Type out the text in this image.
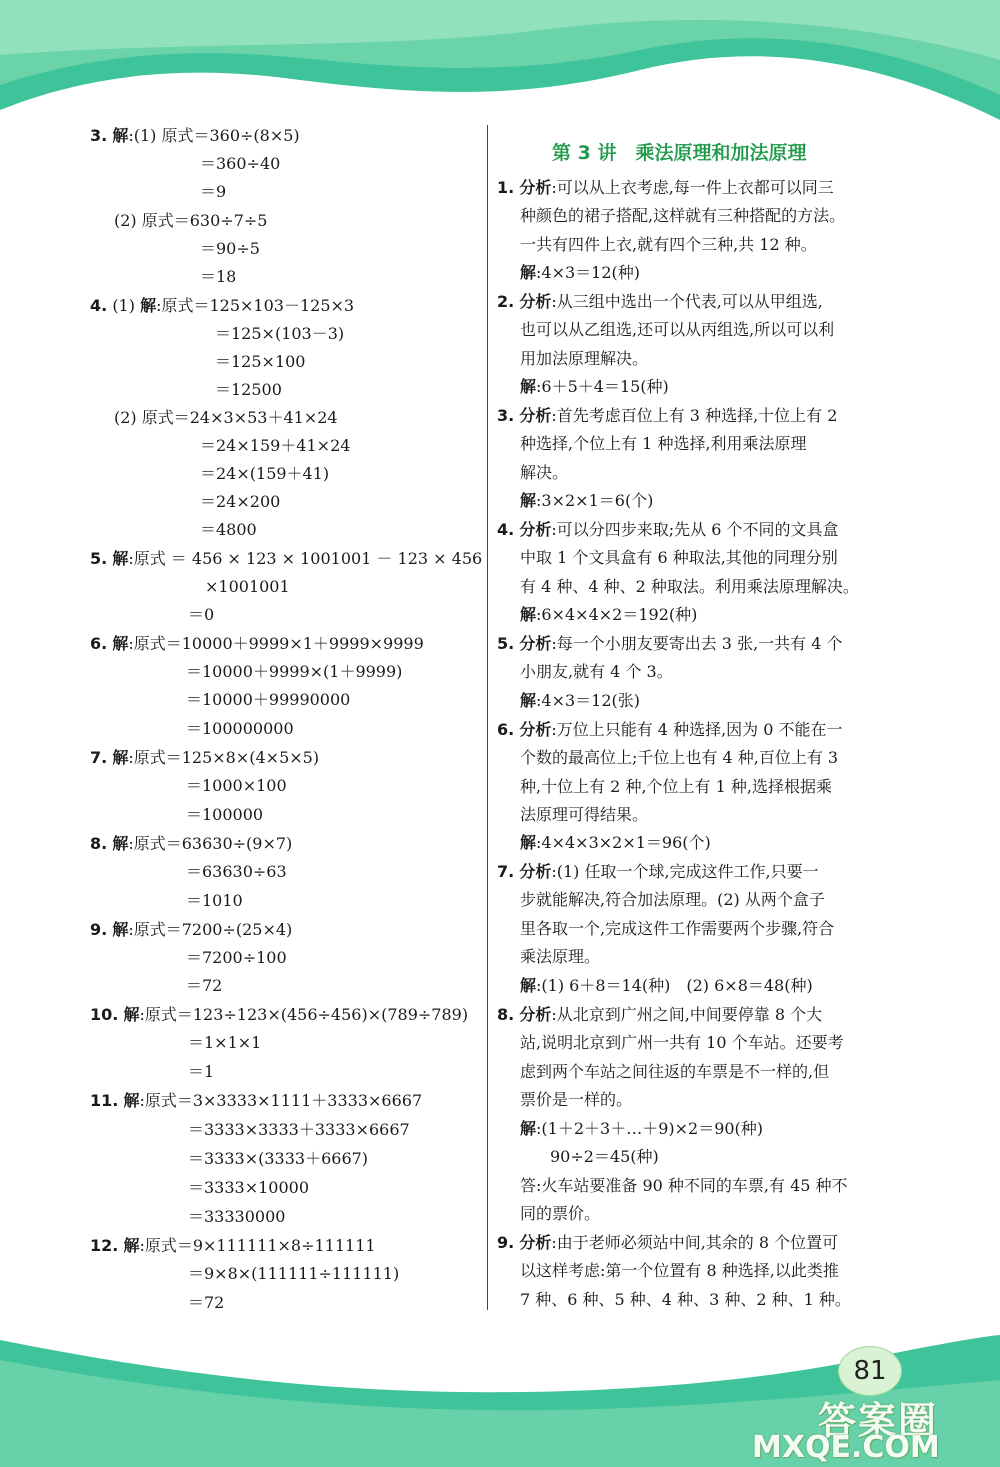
3. 解:(1) 原式＝360÷(8×5)
＝360÷40
＝9
(2) 原式＝630÷7÷5
＝90÷5
＝18
4. (1) 解:原式＝125×103－125×3
＝125×(103－3)
＝125×100
＝12500
(2) 原式＝24×3×53＋41×24
＝24×159＋41×24
＝24×(159＋41)
＝24×200
＝4800
5. 解:原式 ＝ 456 × 123 × 1001001 － 123 × 456
×1001001
＝0
6. 解:原式＝10000＋9999×1＋9999×9999
＝10000＋9999×(1＋9999)
＝10000＋99990000
＝100000000
7. 解:原式＝125×8×(4×5×5)
＝1000×100
＝100000
8. 解:原式＝63630÷(9×7)
＝63630÷63
＝1010
9. 解:原式＝7200÷(25×4)
＝7200÷100
＝72
10. 解:原式＝123÷123×(456÷456)×(789÷789)
＝1×1×1
＝1
11. 解:原式＝3×3333×1111＋3333×6667
＝3333×3333＋3333×6667
＝3333×(3333＋6667)
＝3333×10000
＝33330000
12. 解:原式＝9×111111×8÷111111
＝9×8×(111111÷111111)
＝72
第 3 讲　乘法原理和加法原理
1. 分析:可以从上衣考虑,每一件上衣都可以同三
种颜色的裙子搭配,这样就有三种搭配的方法。
一共有四件上衣,就有四个三种,共 12 种。
解:4×3＝12(种)
2. 分析:从三组中选出一个代表,可以从甲组选,
也可以从乙组选,还可以从丙组选,所以可以利
用加法原理解决。
解:6＋5＋4＝15(种)
3. 分析:首先考虑百位上有 3 种选择,十位上有 2
种选择,个位上有 1 种选择,利用乘法原理
解决。
解:3×2×1＝6(个)
4. 分析:可以分四步来取;先从 6 个不同的文具盒
中取 1 个文具盒有 6 种取法,其他的同理分别
有 4 种、4 种、2 种取法。利用乘法原理解决。
解:6×4×4×2＝192(种)
5. 分析:每一个小朋友要寄出去 3 张,一共有 4 个
小朋友,就有 4 个 3。
解:4×3＝12(张)
6. 分析:万位上只能有 4 种选择,因为 0 不能在一
个数的最高位上;千位上也有 4 种,百位上有 3
种,十位上有 2 种,个位上有 1 种,选择根据乘
法原理可得结果。
解:4×4×3×2×1＝96(个)
7. 分析:(1) 任取一个球,完成这件工作,只要一
步就能解决,符合加法原理。(2) 从两个盒子
里各取一个,完成这件工作需要两个步骤,符合
乘法原理。
解:(1) 6＋8＝14(种)　(2) 6×8＝48(种)
8. 分析:从北京到广州之间,中间要停靠 8 个大
站,说明北京到广州一共有 10 个车站。还要考
虑到两个车站之间往返的车票是不一样的,但
票价是一样的。
解:(1＋2＋3＋…＋9)×2＝90(种)
90÷2＝45(种)
答:火车站要准备 90 种不同的车票,有 45 种不
同的票价。
9. 分析:由于老师必须站中间,其余的 8 个位置可
以这样考虑:第一个位置有 8 种选择,以此类推
7 种、6 种、5 种、4 种、3 种、2 种、1 种。
81
答案圈
MXQE.COM
